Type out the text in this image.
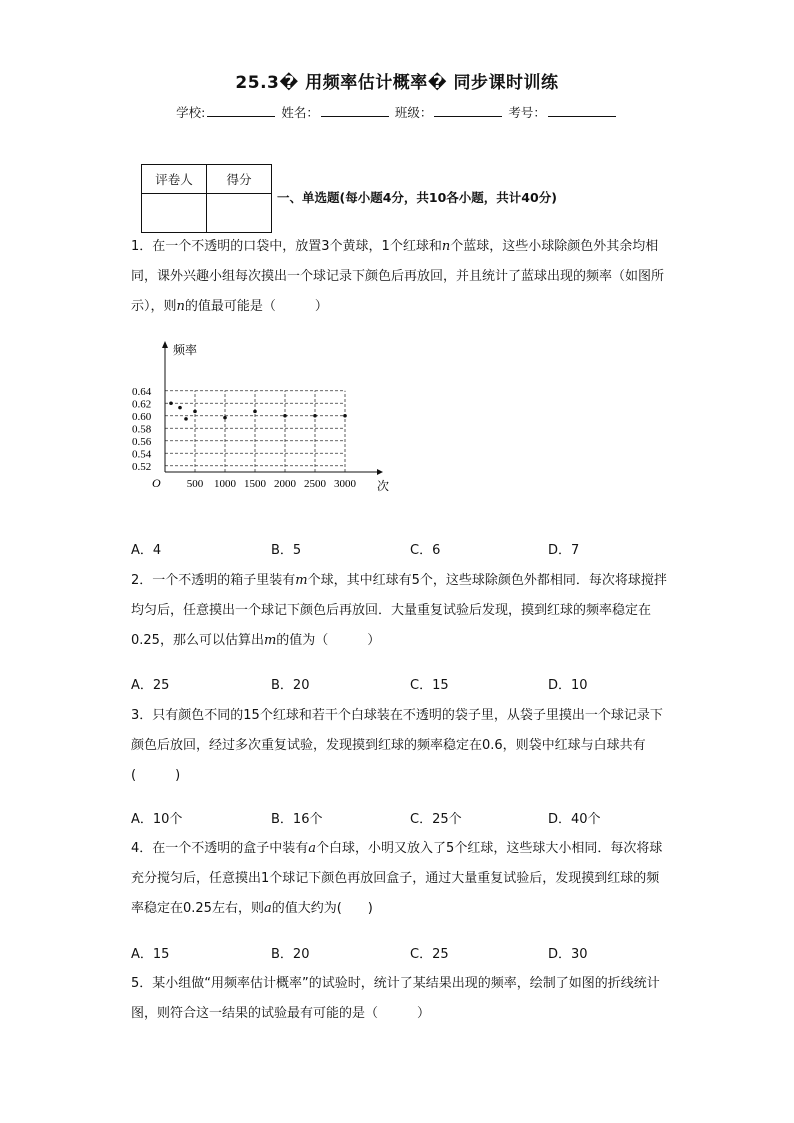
25.3� 用频率估计概率� 同步课时训练
学校:	姓名：	班级：	考号：
评卷人	得分

一、单选题(每小题4分，共10各小题，共计40分)
1．在一个不透明的口袋中，放置3个黄球，1个红球和n个蓝球，这些小球除颜色外其余均相同，课外兴趣小组每次摸出一个球记录下颜色后再放回，并且统计了蓝球出现的频率（如图所示），则n的值最可能是（　　　）
频率
次
O
0.52
0.54
0.56
0.58
0.60
0.62
0.64
500 1000 1500 2000 2500 3000
A．4	B．5	C．6	D．7
2．一个不透明的箱子里装有m个球，其中红球有5个，这些球除颜色外都相同．每次将球搅拌均匀后，任意摸出一个球记下颜色后再放回．大量重复试验后发现，摸到红球的频率稳定在0.25，那么可以估算出m的值为（　　　）
A．25	B．20	C．15	D．10
3．只有颜色不同的15个红球和若干个白球装在不透明的袋子里，从袋子里摸出一个球记录下颜色后放回，经过多次重复试验，发现摸到红球的频率稳定在0.6，则袋中红球与白球共有(　　　)
A．10个	B．16个	C．25个	D．40个
4．在一个不透明的盒子中装有a个白球，小明又放入了5个红球，这些球大小相同．每次将球充分搅匀后，任意摸出1个球记下颜色再放回盒子，通过大量重复试验后，发现摸到红球的频率稳定在0.25左右，则a的值大约为(　　)
A．15	B．20	C．25	D．30
5．某小组做“用频率估计概率”的试验时，统计了某结果出现的频率，绘制了如图的折线统计图，则符合这一结果的试验最有可能的是（　　　）
